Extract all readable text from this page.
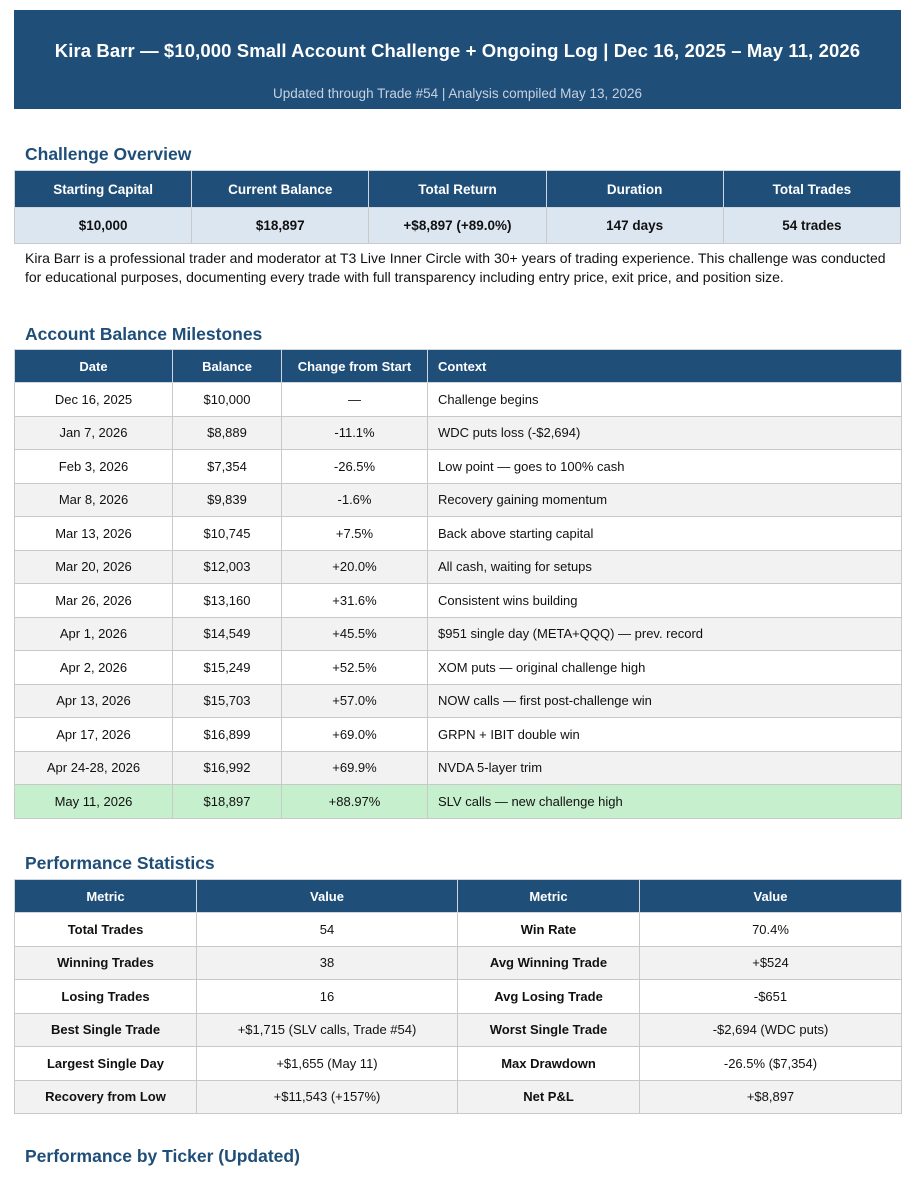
Kira Barr — $10,000 Small Account Challenge + Ongoing Log | Dec 16, 2025 – May 11, 2026
Updated through Trade #54 | Analysis compiled May 13, 2026
Challenge Overview
Starting Capital	Current Balance	Total Return	Duration	Total Trades
$10,000	$18,897	+$8,897 (+89.0%)	147 days	54 trades

Kira Barr is a professional trader and moderator at T3 Live Inner Circle with 30+ years of trading experience. This challenge was conducted for educational purposes, documenting every trade with full transparency including entry price, exit price, and position size.

Account Balance Milestones
Date	Balance	Change from Start	Context
Dec 16, 2025	$10,000	—	Challenge begins
Jan 7, 2026	$8,889	-11.1%	WDC puts loss (-$2,694)
Feb 3, 2026	$7,354	-26.5%	Low point — goes to 100% cash
Mar 8, 2026	$9,839	-1.6%	Recovery gaining momentum
Mar 13, 2026	$10,745	+7.5%	Back above starting capital
Mar 20, 2026	$12,003	+20.0%	All cash, waiting for setups
Mar 26, 2026	$13,160	+31.6%	Consistent wins building
Apr 1, 2026	$14,549	+45.5%	$951 single day (META+QQQ) — prev. record
Apr 2, 2026	$15,249	+52.5%	XOM puts — original challenge high
Apr 13, 2026	$15,703	+57.0%	NOW calls — first post-challenge win
Apr 17, 2026	$16,899	+69.0%	GRPN + IBIT double win
Apr 24-28, 2026	$16,992	+69.9%	NVDA 5-layer trim
May 11, 2026	$18,897	+88.97%	SLV calls — new challenge high
Performance Statistics
Metric	Value	Metric	Value
Total Trades	54	Win Rate	70.4%
Winning Trades	38	Avg Winning Trade	+$524
Losing Trades	16	Avg Losing Trade	-$651
Best Single Trade	+$1,715 (SLV calls, Trade #54)	Worst Single Trade	-$2,694 (WDC puts)
Largest Single Day	+$1,655 (May 11)	Max Drawdown	-26.5% ($7,354)
Recovery from Low	+$11,543 (+157%)	Net P&L	+$8,897
Performance by Ticker (Updated)
